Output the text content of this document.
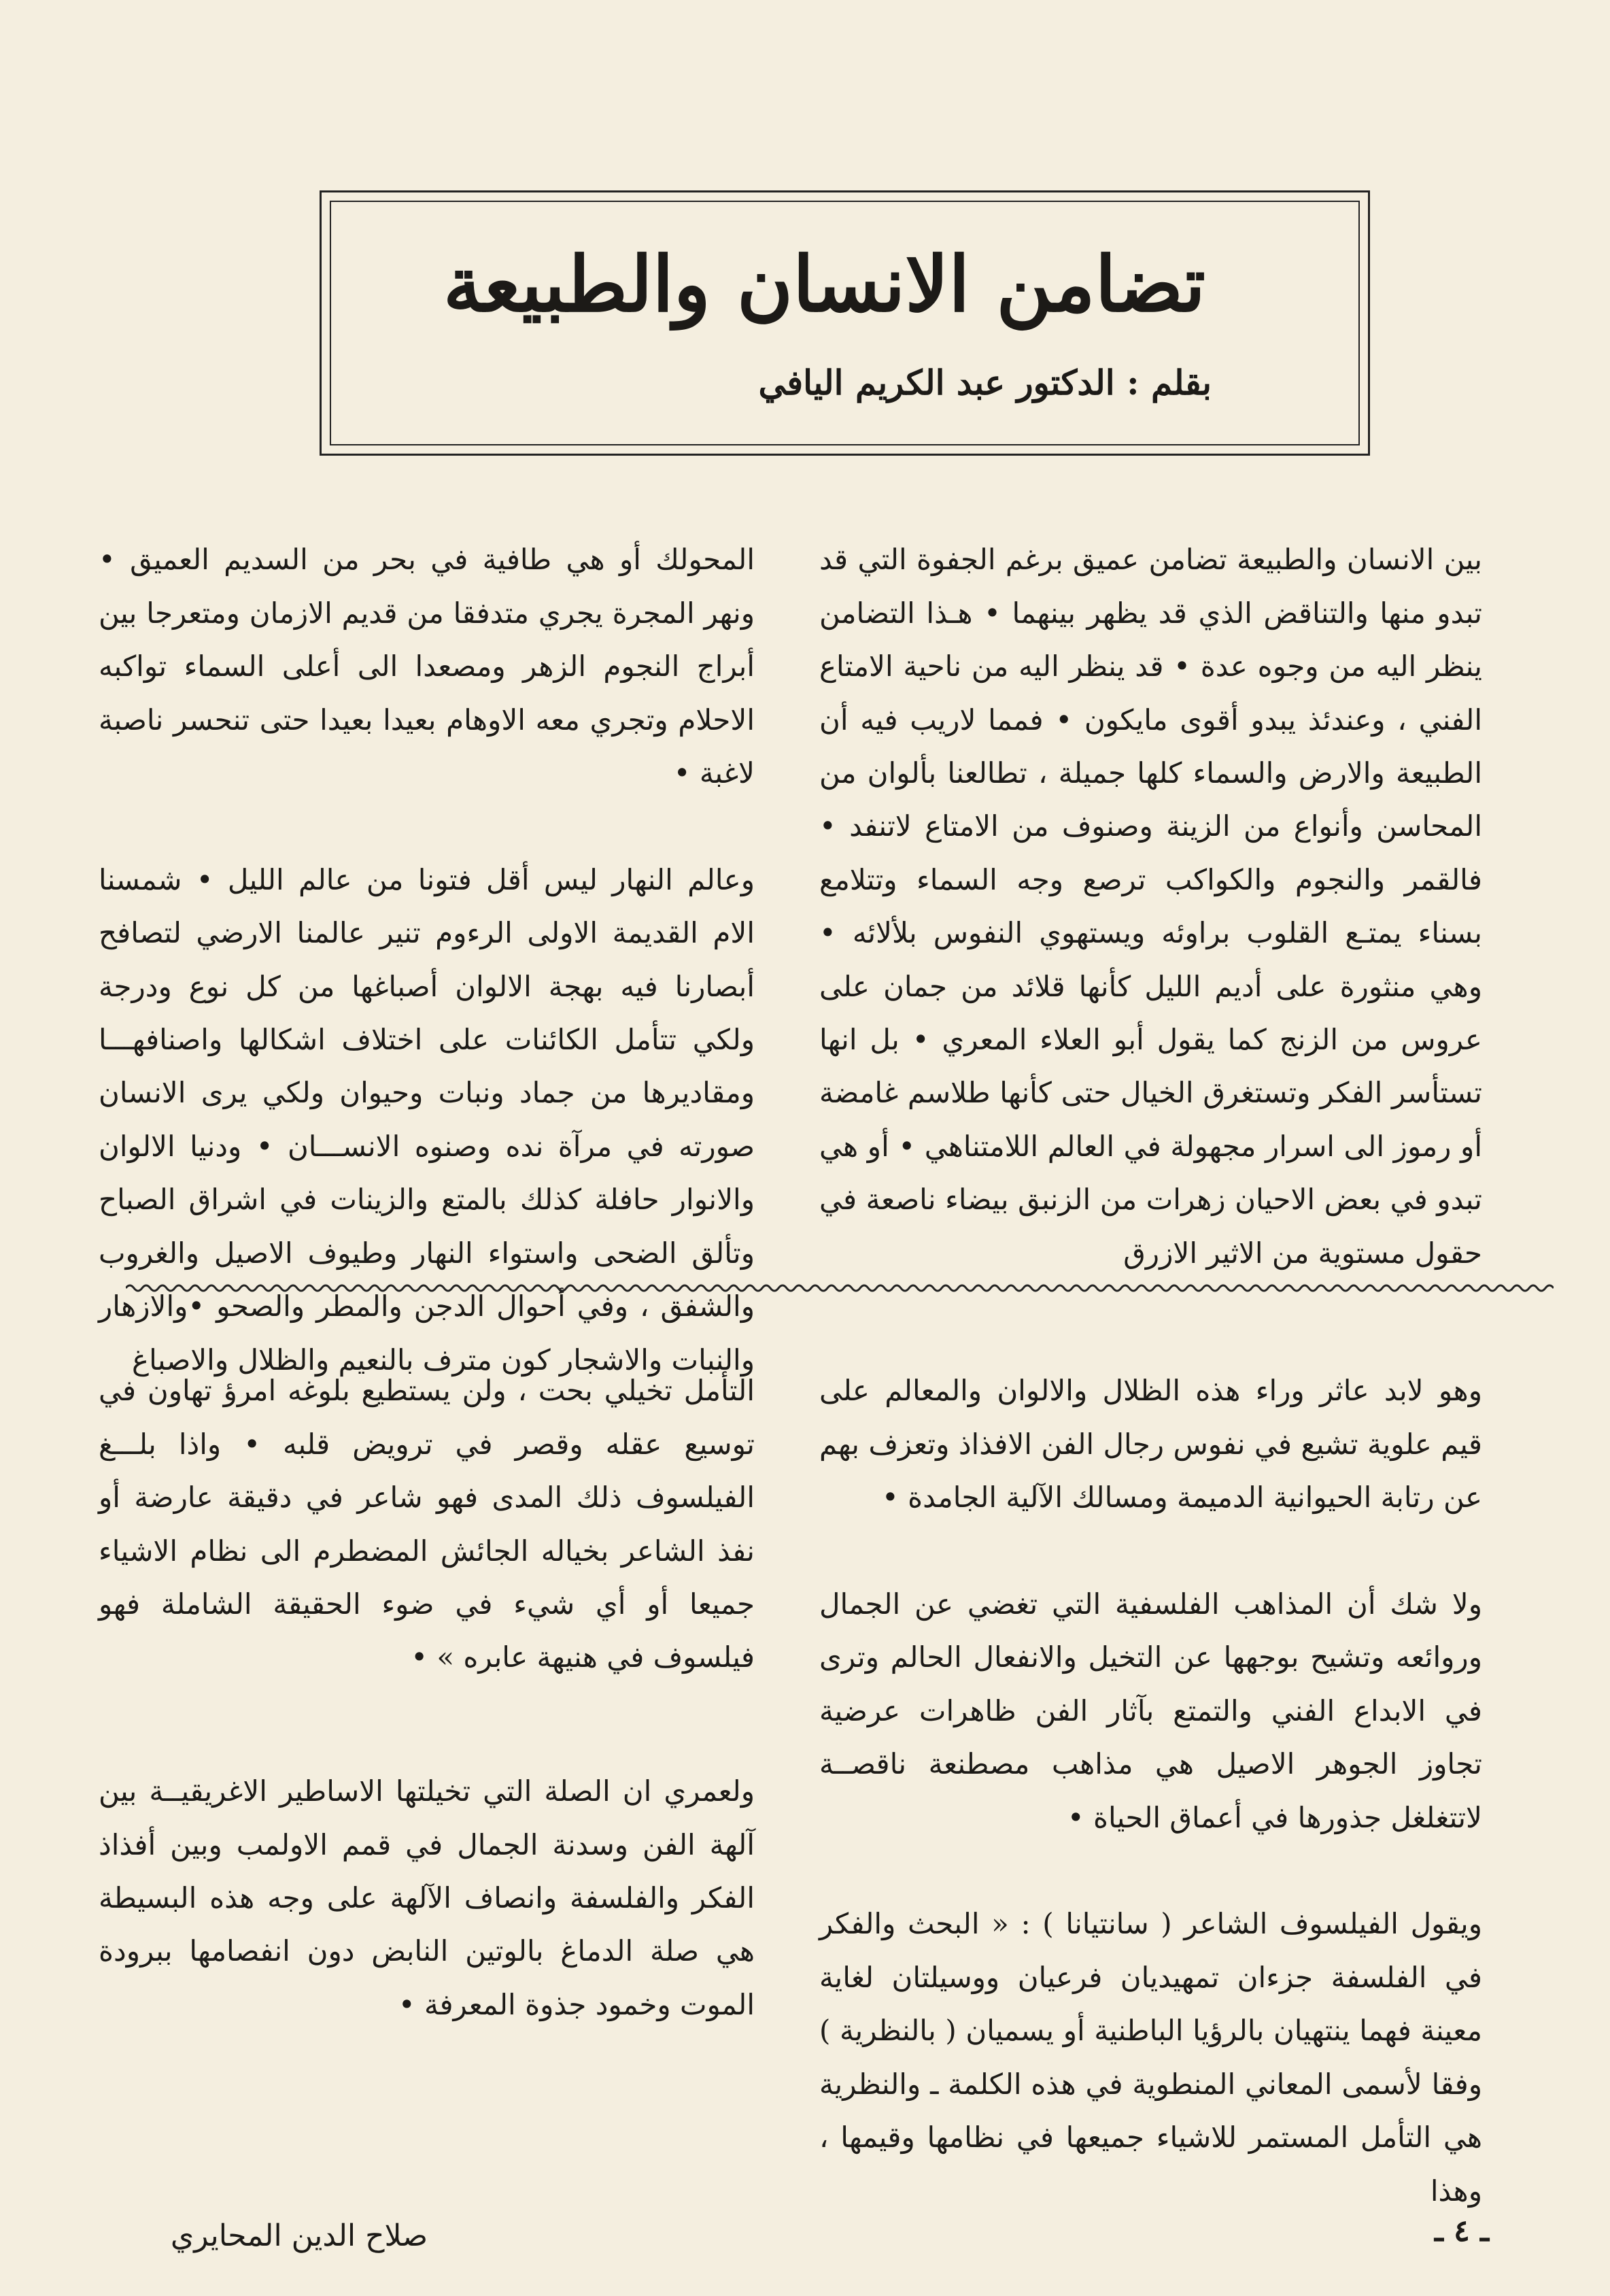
تضامن الانسان والطبيعة
بقلم : الدكتور عبد الكريم اليافي

بين الانسان والطبيعة تضامن عميق برغم الجفوة التي قد تبدو منها والتناقض الذي قد يظهر بينهما • هـذا التضامن ينظر اليه من وجوه عدة • قد ينظر اليه من ناحية الامتاع الفني ، وعندئذ يبدو أقوى مايكون • فمما لاريب فيه أن الطبيعة والارض والسماء كلها جميلة ، تطالعنا بألوان من المحاسن وأنواع من الزينة وصنوف من الامتاع لاتنفد • فالقمر والنجوم والكواكب ترصع وجه السماء وتتلامع بسناء يمتـع القلوب براوئه ويستهوي النفوس بلألائه • وهي منثورة على أديم الليل كأنها قلائد من جمان على عروس من الزنج كما يقول أبو العلاء المعري • بل انها تستأسر الفكر وتستغرق الخيال حتى كأنها طلاسم غامضة أو رموز الى اسرار مجهولة في العالم اللامتناهي • أو هي تبدو في بعض الاحيان زهرات من الزنبق بيضاء ناصعة في حقول مستوية من الاثير الازرق

المحولك أو هي طافية في بحر من السديم العميق • ونهر المجرة يجري متدفقا من قديم الازمان ومتعرجا بين أبراج النجوم الزهر ومصعدا الى أعلى السماء تواكبه الاحلام وتجري معه الاوهام بعيدا بعيدا حتى تنحسر ناصبة لاغبة •

وعالم النهار ليس أقل فتونا من عالم الليل • شمسنا الام القديمة الاولى الرءوم تنير عالمنا الارضي لتصافح أبصارنا فيه بهجة الالوان أصباغها من كل نوع ودرجة ولكي تتأمل الكائنات على اختلاف اشكالها واصنافهـــا ومقاديرها من جماد ونبات وحيوان ولكي يرى الانسان صورته في مرآة نده وصنوه الانســـان • ودنيا الالوان والانوار حافلة كذلك بالمتع والزينات في اشراق الصباح وتألق الضحى واستواء النهار وطيوف الاصيل والغروب والشفق ، وفي أحوال الدجن والمطر والصحو •والازهار والنبات والاشجار كون مترف بالنعيم والظلال والاصباغ

وهو لابد عاثر وراء هذه الظلال والالوان والمعالم على قيم علوية تشيع في نفوس رجال الفن الافذاذ وتعزف بهم عن رتابة الحيوانية الدميمة ومسالك الآلية الجامدة •

ولا شك أن المذاهب الفلسفية التي تغضي عن الجمال وروائعه وتشيح بوجهها عن التخيل والانفعال الحالم وترى في الابداع الفني والتمتع بآثار الفن ظاهرات عرضية تجاوز الجوهر الاصيل هي مذاهب مصطنعة ناقصــة لاتتغلغل جذورها في أعماق الحياة •

ويقول الفيلسوف الشاعر ( سانتيانا ) : « البحث والفكر في الفلسفة جزءان تمهيديان فرعيان ووسيلتان لغاية معينة فهما ينتهيان بالرؤيا الباطنية أو يسميان ( بالنظرية ) وفقا لأسمى المعاني المنطوية في هذه الكلمة ـ والنظرية هي التأمل المستمر للاشياء جميعها في نظامها وقيمها ، وهذا

التأمل تخيلي بحت ، ولن يستطيع بلوغه امرؤ تهاون في توسيع عقله وقصر في ترويض قلبه • واذا بلـــغ الفيلسوف ذلك المدى فهو شاعر في دقيقة عارضة أو نفذ الشاعر بخياله الجائش المضطرم الى نظام الاشياء جميعا أو أي شيء في ضوء الحقيقة الشاملة فهو فيلسوف في هنيهة عابره » •

ولعمري ان الصلة التي تخيلتها الاساطير الاغريقيــة بين آلهة الفن وسدنة الجمال في قمم الاولمب وبين أفذاذ الفكر والفلسفة وانصاف الآلهة على وجه هذه البسيطة هي صلة الدماغ بالوتين النابض دون انفصامها ببرودة الموت وخمود جذوة المعرفة •

صلاح الدين المحايري	ـ ٤ ـ
